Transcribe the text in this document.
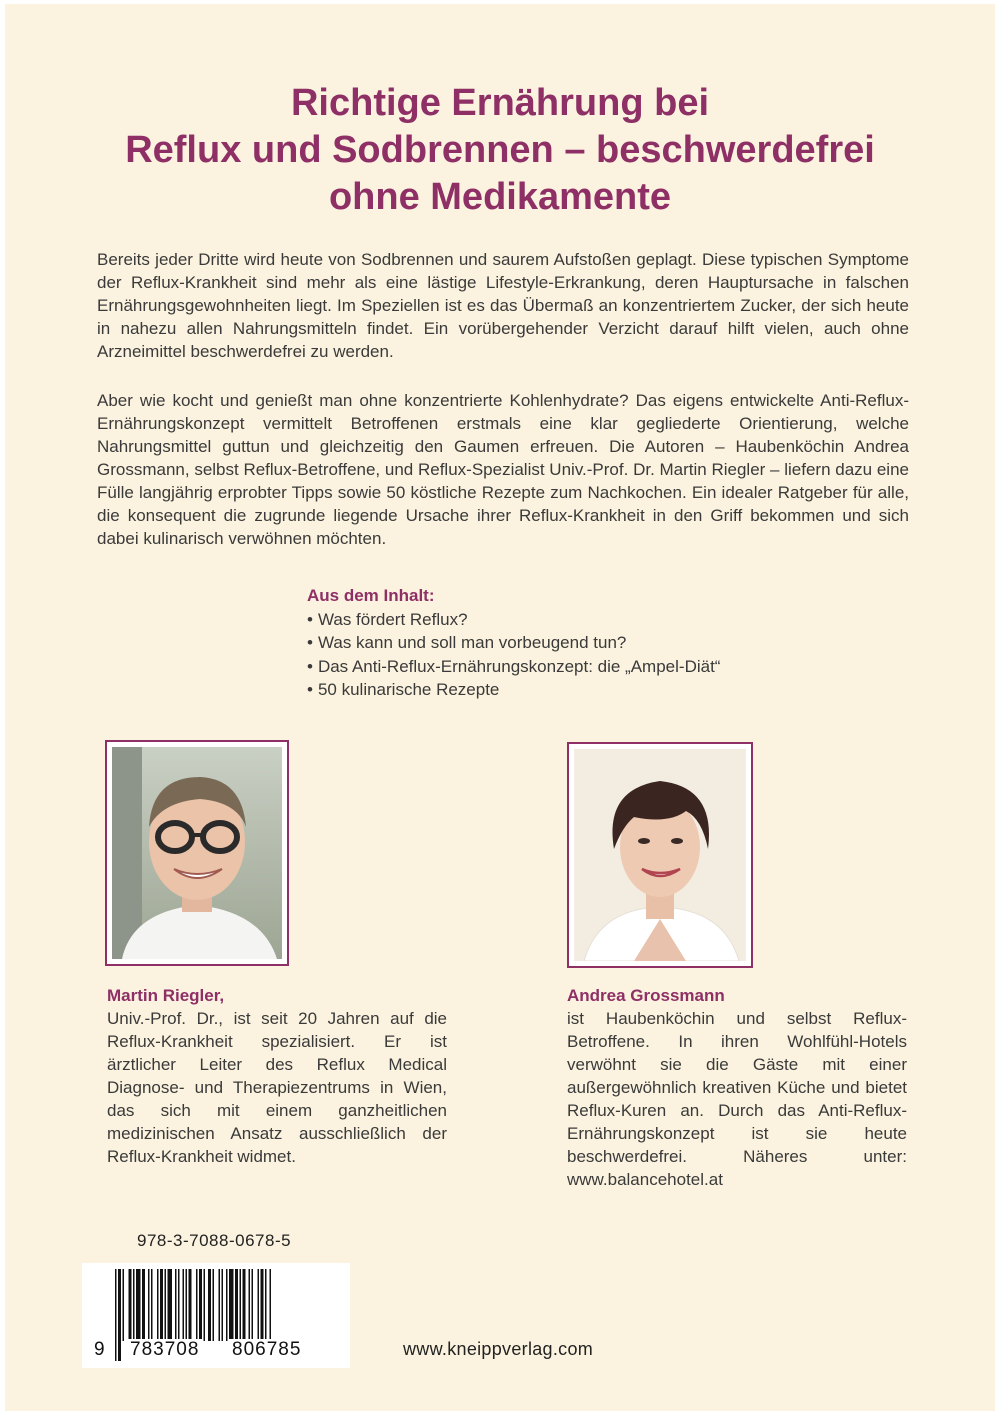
Richtige Ernährung bei
Reflux und Sodbrennen – beschwerdefrei
ohne Medikamente

Bereits jeder Dritte wird heute von Sodbrennen und saurem Aufstoßen geplagt. Diese typischen Symptome der Reflux-Krankheit sind mehr als eine lästige Lifestyle-Erkrankung, deren Hauptursache in falschen Ernährungsgewohnheiten liegt. Im Speziellen ist es das Übermaß an konzentriertem Zucker, der sich heute in nahezu allen Nahrungsmitteln findet. Ein vorübergehender Verzicht darauf hilft vielen, auch ohne Arzneimittel beschwerdefrei zu werden.

Aber wie kocht und genießt man ohne konzentrierte Kohlenhydrate? Das eigens entwickelte Anti-Reflux-Ernährungskonzept vermittelt Betroffenen erstmals eine klar gegliederte Orientierung, welche Nahrungsmittel guttun und gleichzeitig den Gaumen erfreuen. Die Autoren – Haubenköchin Andrea Grossmann, selbst Reflux-Betroffene, und Reflux-Spezialist Univ.-Prof. Dr. Martin Riegler – liefern dazu eine Fülle langjährig erprobter Tipps sowie 50 köstliche Rezepte zum Nachkochen. Ein idealer Ratgeber für alle, die konsequent die zugrunde liegende Ursache ihrer Reflux-Krankheit in den Griff bekommen und sich dabei kulinarisch verwöhnen möchten.

Aus dem Inhalt:
• Was fördert Reflux?
• Was kann und soll man vorbeugend tun?
• Das Anti-Reflux-Ernährungskonzept: die „Ampel-Diät“
• 50 kulinarische Rezepte
Martin Riegler,
Univ.-Prof. Dr., ist seit 20 Jahren auf die Reflux-Krankheit spezialisiert. Er ist ärztlicher Leiter des Reflux Medical Diagnose- und Therapiezentrums in Wien, das sich mit einem ganzheitlichen medizinischen Ansatz ausschließlich der Reflux-Krankheit widmet.
Andrea Grossmann
ist Haubenköchin und selbst Reflux-Betroffene. In ihren Wohlfühl-Hotels verwöhnt sie die Gäste mit einer außergewöhnlich kreativen Küche und bietet Reflux-Kuren an. Durch das Anti-Reflux-Ernährungskonzept ist sie heute beschwerdefrei. Näheres unter: www.balancehotel.at
978-3-7088-0678-5
9 783708 806785	www.kneippverlag.com
